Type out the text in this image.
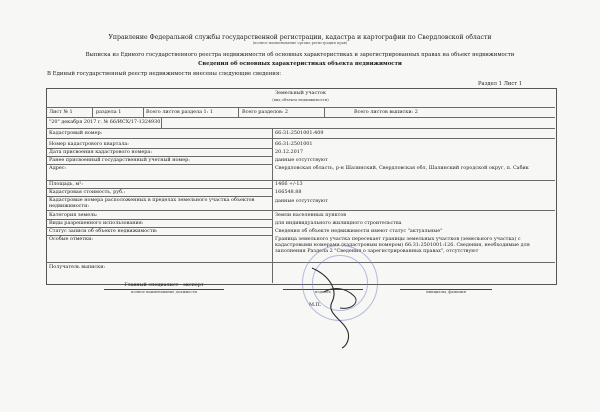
Управление Федеральной службы государственной регистрации, кадастра и картографии по Свердловской области
(полное наименование органа регистрации прав)
Выписка из Единого государственного реестра недвижимости об основных характеристиках и зарегистрированных правах на объект недвижимости
Сведения об основных характеристиках объекта недвижимости
В Единый государственный реестр недвижимости внесены следующие сведения:
Раздел 1 Лист 1
Земельный участок
(вид объекта недвижимости)
Лист № 1	раздела 1	Всего листов раздела 1: 1	Всего разделов: 2	Всего листов выписки: 2
"20" декабря 2017 г. № 66/ИСХ/17-1324930
Кадастровый номер:	66:31:2501001:409
Номер кадастрового квартала:	66:31:2501001
Дата присвоения кадастрового номера:	20.12.2017
Ранее присвоенный государственный учетный номер:	данные отсутствуют
Адрес:	Свердловская область, р-н Шалинский, Свердловская обл, Шалинский городской округ, п. Сабик
Площадь, м²:	1466 +/-13
Кадастровая стоимость, руб.:	166548.88
Кадастровые номера расположенных в пределах земельного участка объектов недвижимости:
данные отсутствуют
Категория земель:	Земли населенных пунктов
Виды разрешенного использования:	для индивидуального жилищного строительства
Статус записи об объекте недвижимости:	Сведения об объекте недвижимости имеют статус "актуальные"
Особые отметки:	Граница земельного участка пересекает границы земельных участков (земельного участка) с кадастровыми номерами (кадастровым номером) 66:31:2501001:126. Сведения, необходимые для заполнения Раздела 2 "Сведения о зарегистрированных правах", отсутствуют
Получатель выписки:
Главный специалист - эксперт
полное наименование должности	подпись	инициалы, фамилия
М.П.
